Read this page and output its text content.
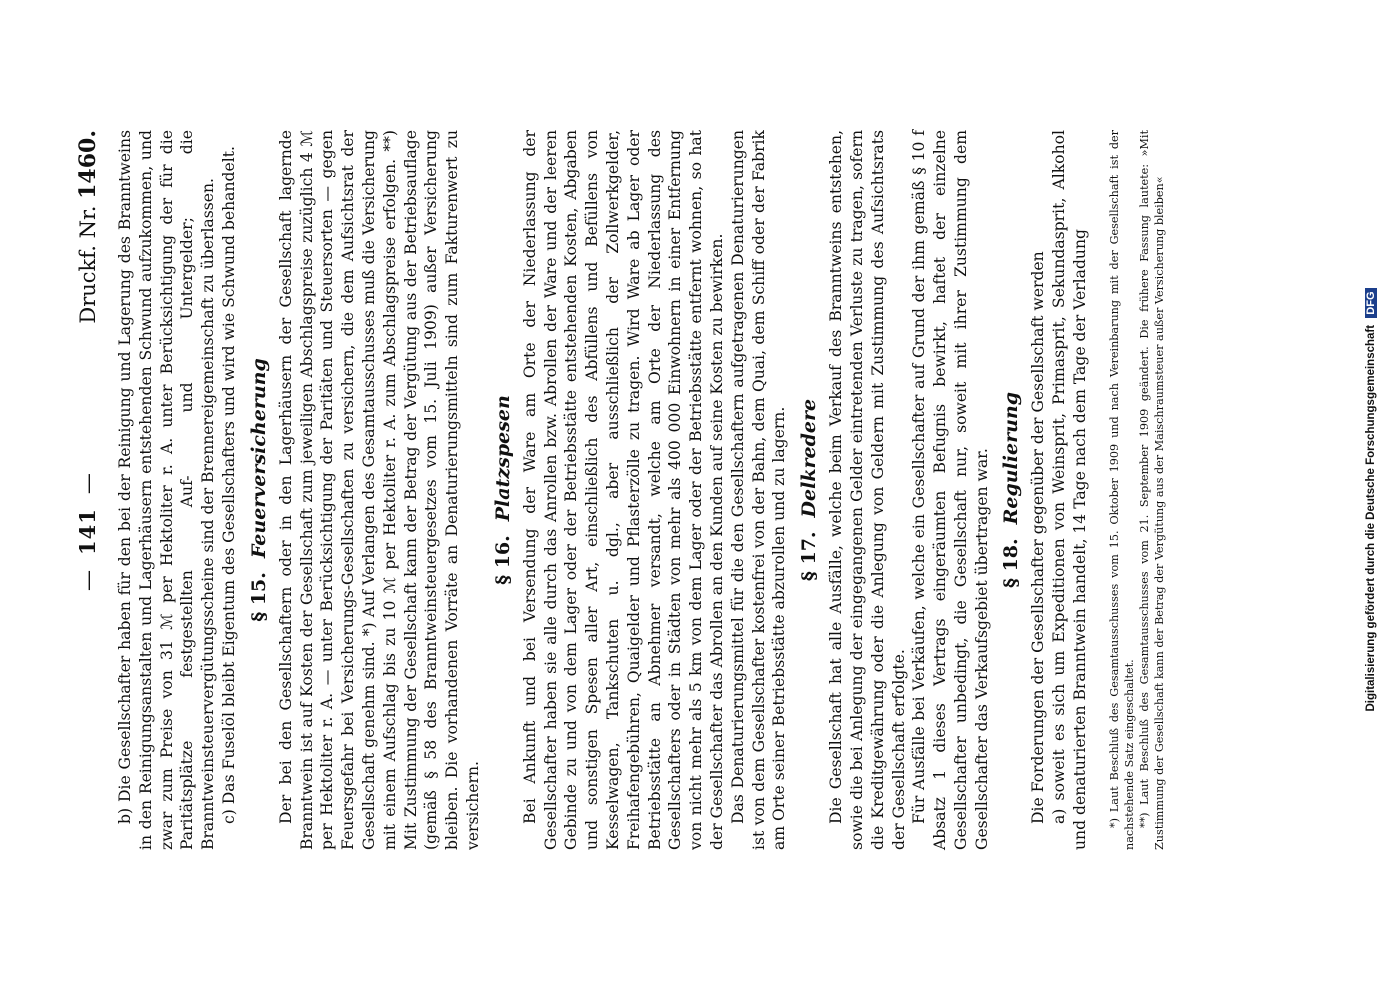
—141—
Druckf. Nr. 1460. b) Die Gesellschafter haben für den bei der Reinigung und Lagerung des Branntweins in den Reinigungsanstalten und Lagerhäusern entstehenden Schwund aufzukommen, und zwar zum Preise von 31 ℳ per Hektoliter r. A. unter Berücksichtigung der für die Paritätsplätze festgestellten Auf- und Untergelder; die Branntweinsteuervergütungsscheine sind der Brennereigemeinschaft zu überlassen. c) Das Fuselöl bleibt Eigentum des Gesellschafters und wird wie Schwund behandelt. § 15.Feuerversicherung Der bei den Gesellschaftern oder in den Lagerhäusern der Gesellschaft lagernde Branntwein ist auf Kosten der Gesellschaft zum jeweiligen Abschlagspreise zuzüglich 4 ℳ per Hektoliter r. A. — unter Berücksichtigung der Paritäten und Steuersorten — gegen Feuersgefahr bei Versicherungs-Gesellschaften zu versichern, die dem Aufsichtsrat der Gesellschaft genehm sind. *) Auf Verlangen des Gesamtausschusses muß die Versicherung mit einem Aufschlag bis zu 10 ℳ per Hektoliter r. A. zum Abschlagspreise erfolgen. **) Mit Zustimmung der Gesellschaft kann der Betrag der Vergütung aus der Betriebsauflage (gemäß § 58 des Branntweinsteuergesetzes vom 15. Juli 1909) außer Versicherung bleiben. Die vorhandenen Vorräte an Denaturierungsmitteln sind zum Fakturenwert zu versichern.

§ 16.Platzspesen Bei Ankunft und bei Versendung der Ware am Orte der Niederlassung der Gesellschafter haben sie alle durch das Anrollen bzw. Abrollen der Ware und der leeren Gebinde zu und von dem Lager oder der Betriebsstätte entstehenden Kosten, Abgaben und sonstigen Spesen aller Art, einschließlich des Abfüllens und Befüllens von Kesselwagen, Tankschuten u. dgl., aber ausschließlich der Zollwerkgelder, Freihafengebühren, Quaigelder und Pflasterzölle zu tragen. Wird Ware ab Lager oder Betriebsstätte an Abnehmer versandt, welche am Orte der Niederlassung des Gesellschafters oder in Städten von mehr als 400 000 Einwohnern in einer Entfernung von nicht mehr als 5 km von dem Lager oder der Betriebsstätte entfernt wohnen, so hat der Gesellschafter das Abrollen an den Kunden auf seine Kosten zu bewirken. Das Denaturierungsmittel für die den Gesellschaftern aufgetragenen Denaturierungen ist von dem Gesellschafter kostenfrei von der Bahn, dem Quai, dem Schiff oder der Fabrik am Orte seiner Betriebsstätte abzurollen und zu lagern. § 17.Delkredere Die Gesellschaft hat alle Ausfälle, welche beim Verkauf des Branntweins entstehen, sowie die bei Anlegung der eingegangenen Gelder eintretenden Verluste zu tragen, sofern die Kreditgewährung oder die Anlegung von Geldern mit Zustimmung des Aufsichtsrats der Gesellschaft erfolgte. Für Ausfälle bei Verkäufen, welche ein Gesellschafter auf Grund der ihm gemäß § 10 f Absatz 1 dieses Vertrags eingeräumten Befugnis bewirkt, haftet der einzelne Gesellschafter unbedingt, die Gesellschaft nur, soweit mit ihrer Zustimmung dem Gesellschafter das Verkaufsgebiet übertragen war. § 18.Regulierung Die Forderungen der Gesellschafter gegenüber der Gesellschaft werden a) soweit es sich um Expeditionen von Weinsprit, Primasprit, Sekundasprit, Alkohol und denaturierten Branntwein handelt, 14 Tage nach dem Tage der Verladung *) Laut Beschluß des Gesamtausschusses vom 15. Oktober 1909 und nach Vereinbarung mit der Gesellschaft ist der nachstehende Satz eingeschaltet. **) Laut Beschluß des Gesamtausschusses vom 21. September 1909 geändert. Die frühere Fassung lautete: »Mit Zustimmung der Gesellschaft kann der Betrag der Vergütung aus der Maischraumsteuer außer Versicherung bleiben«	Digitalisierung gefördert durch die Deutsche Forschungsgemeinschaft DFG
